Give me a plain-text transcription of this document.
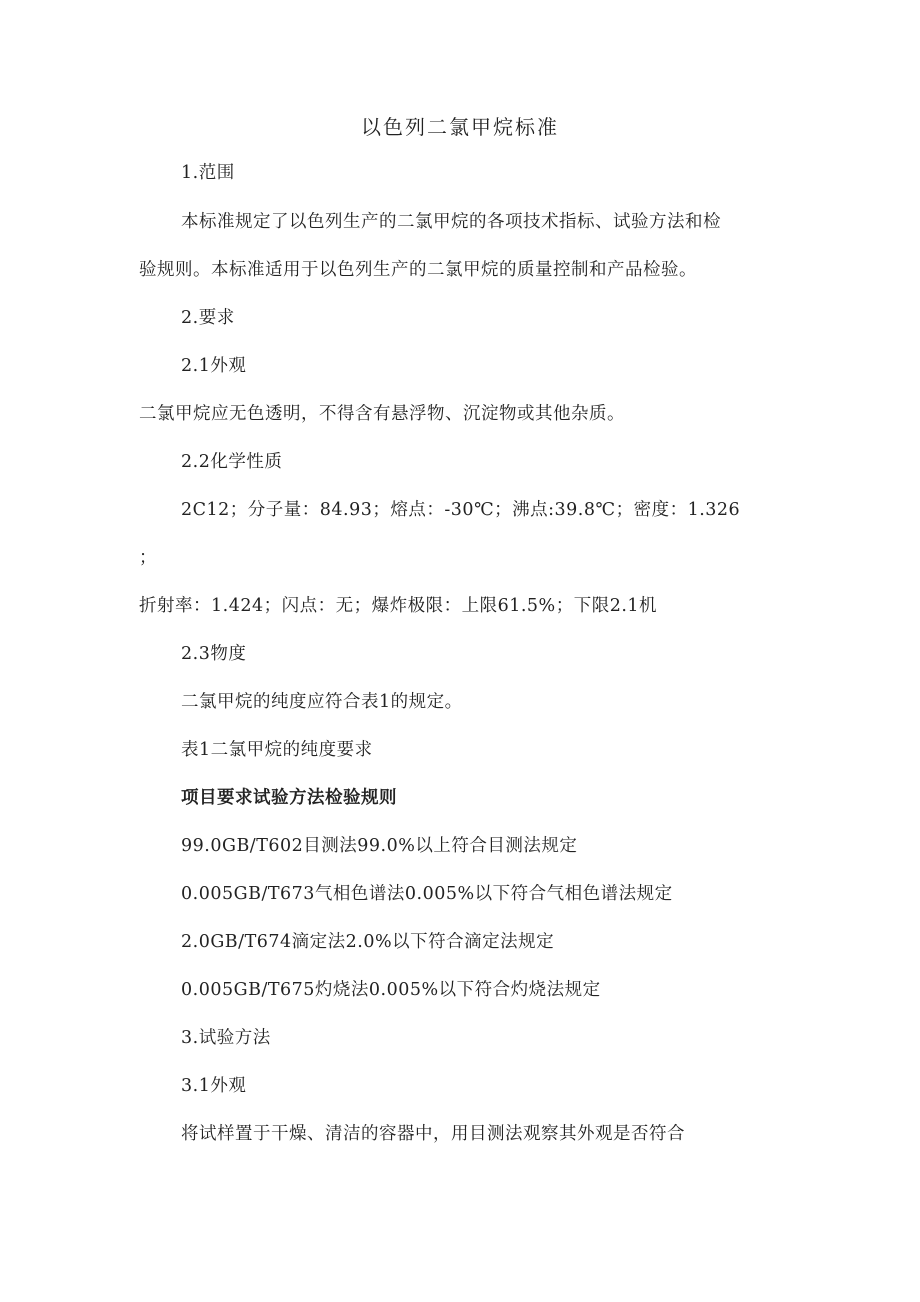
以色列二氯甲烷标准
1.范围
本标准规定了以色列生产的二氯甲烷的各项技术指标、试验方法和检
验规则。本标准适用于以色列生产的二氯甲烷的质量控制和产品检验。
2.要求
2.1外观
二氯甲烷应无色透明，不得含有悬浮物、沉淀物或其他杂质。
2.2化学性质
2C12；分子量：84.93；熔点：-30℃；沸点:39.8℃；密度：1.326
；
折射率：1.424；闪点：无；爆炸极限：上限61.5%；下限2.1机
2.3物度
二氯甲烷的纯度应符合表1的规定。
表1二氯甲烷的纯度要求
项目要求试验方法检验规则
99.0GB/T602目测法99.0%以上符合目测法规定
0.005GB/T673气相色谱法0.005%以下符合气相色谱法规定
2.0GB/T674滴定法2.0%以下符合滴定法规定
0.005GB/T675灼烧法0.005%以下符合灼烧法规定
3.试验方法
3.1外观
将试样置于干燥、清洁的容器中，用目测法观察其外观是否符合
